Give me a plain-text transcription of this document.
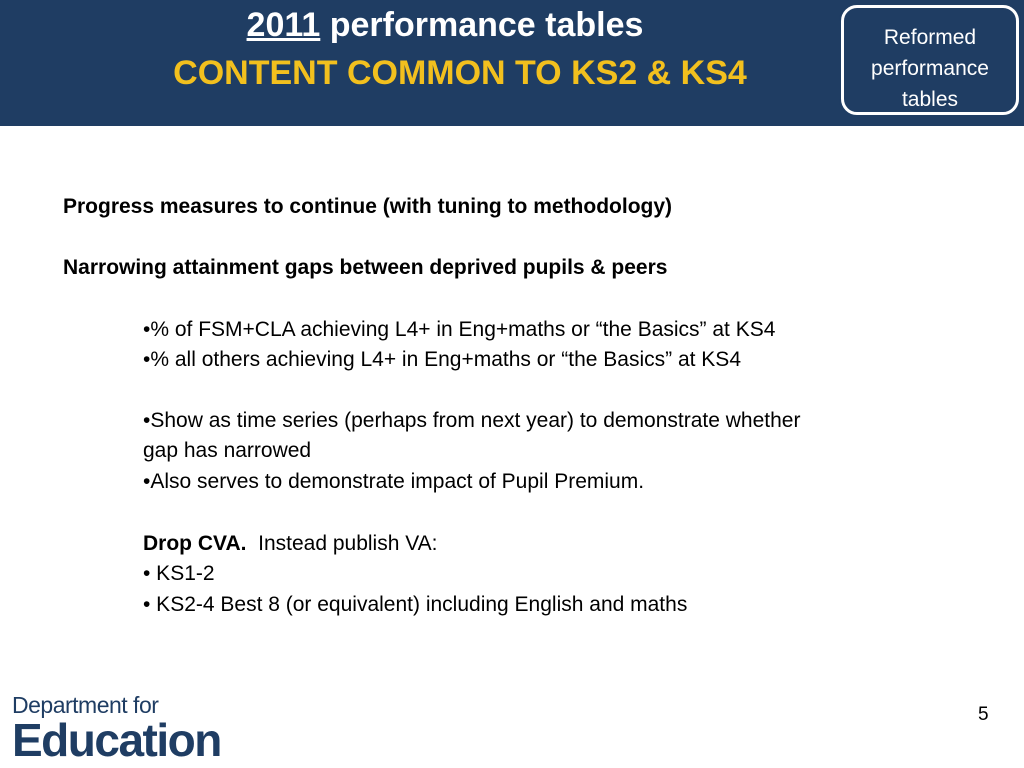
2011 performance tables
CONTENT COMMON TO KS2 & KS4
Reformed
performance
tables
Progress measures to continue (with tuning to methodology)
Narrowing attainment gaps between deprived pupils & peers
•% of FSM+CLA achieving L4+ in Eng+maths or “the Basics” at KS4
•% all others achieving L4+ in Eng+maths or “the Basics” at KS4
•Show as time series (perhaps from next year) to demonstrate whether
gap has narrowed
•Also serves to demonstrate impact of Pupil Premium.
Drop CVA.  Instead publish VA:
• KS1-2
• KS2-4 Best 8 (or equivalent) including English and maths
Department for
Education	5
